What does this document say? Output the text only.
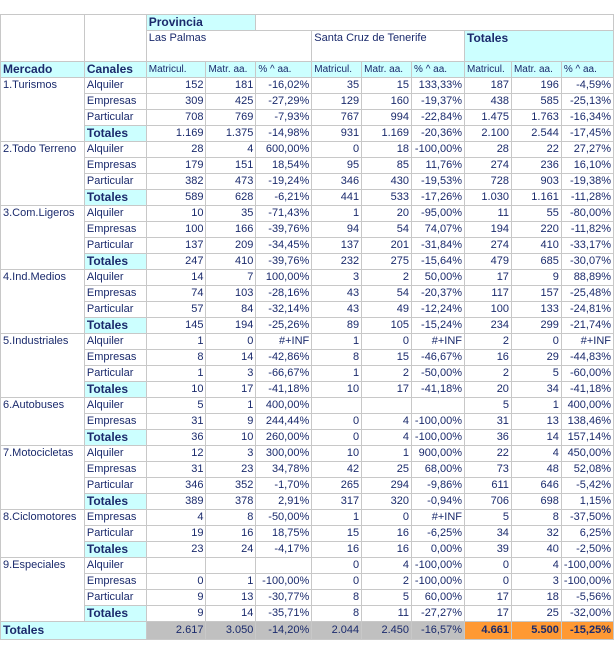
		Provincia								
		Las Palmas			Santa Cruz de Tenerife			Totales		

Mercado	Canales	Matricul.	Matr. aa.	% ^ aa.	Matricul.	Matr. aa.	% ^ aa.	Matricul.	Matr. aa.	% ^ aa.
1.Turismos	Alquiler	152	181	-16,02%	35	15	133,33%	187	196	-4,59%
	Empresas	309	425	-27,29%	129	160	-19,37%	438	585	-25,13%
	Particular	708	769	-7,93%	767	994	-22,84%	1.475	1.763	-16,34%
	Totales	1.169	1.375	-14,98%	931	1.169	-20,36%	2.100	2.544	-17,45%
2.Todo Terreno	Alquiler	28	4	600,00%	0	18	-100,00%	28	22	27,27%
	Empresas	179	151	18,54%	95	85	11,76%	274	236	16,10%
	Particular	382	473	-19,24%	346	430	-19,53%	728	903	-19,38%
	Totales	589	628	-6,21%	441	533	-17,26%	1.030	1.161	-11,28%
3.Com.Ligeros	Alquiler	10	35	-71,43%	1	20	-95,00%	11	55	-80,00%
	Empresas	100	166	-39,76%	94	54	74,07%	194	220	-11,82%
	Particular	137	209	-34,45%	137	201	-31,84%	274	410	-33,17%
	Totales	247	410	-39,76%	232	275	-15,64%	479	685	-30,07%
4.Ind.Medios	Alquiler	14	7	100,00%	3	2	50,00%	17	9	88,89%
	Empresas	74	103	-28,16%	43	54	-20,37%	117	157	-25,48%
	Particular	57	84	-32,14%	43	49	-12,24%	100	133	-24,81%
	Totales	145	194	-25,26%	89	105	-15,24%	234	299	-21,74%
5.Industriales	Alquiler	1	0	#+INF	1	0	#+INF	2	0	#+INF
	Empresas	8	14	-42,86%	8	15	-46,67%	16	29	-44,83%
	Particular	1	3	-66,67%	1	2	-50,00%	2	5	-60,00%
	Totales	10	17	-41,18%	10	17	-41,18%	20	34	-41,18%
6.Autobuses	Alquiler	5	1	400,00%				5	1	400,00%
	Empresas	31	9	244,44%	0	4	-100,00%	31	13	138,46%
	Totales	36	10	260,00%	0	4	-100,00%	36	14	157,14%
7.Motocicletas	Alquiler	12	3	300,00%	10	1	900,00%	22	4	450,00%
	Empresas	31	23	34,78%	42	25	68,00%	73	48	52,08%
	Particular	346	352	-1,70%	265	294	-9,86%	611	646	-5,42%
	Totales	389	378	2,91%	317	320	-0,94%	706	698	1,15%
8.Ciclomotores	Empresas	4	8	-50,00%	1	0	#+INF	5	8	-37,50%
	Particular	19	16	18,75%	15	16	-6,25%	34	32	6,25%
	Totales	23	24	-4,17%	16	16	0,00%	39	40	-2,50%
9.Especiales	Alquiler				0	4	-100,00%	0	4	-100,00%
	Empresas	0	1	-100,00%	0	2	-100,00%	0	3	-100,00%
	Particular	9	13	-30,77%	8	5	60,00%	17	18	-5,56%
	Totales	9	14	-35,71%	8	11	-27,27%	17	25	-32,00%
Totales		2.617	3.050	-14,20%	2.044	2.450	-16,57%	4.661	5.500	-15,25%
